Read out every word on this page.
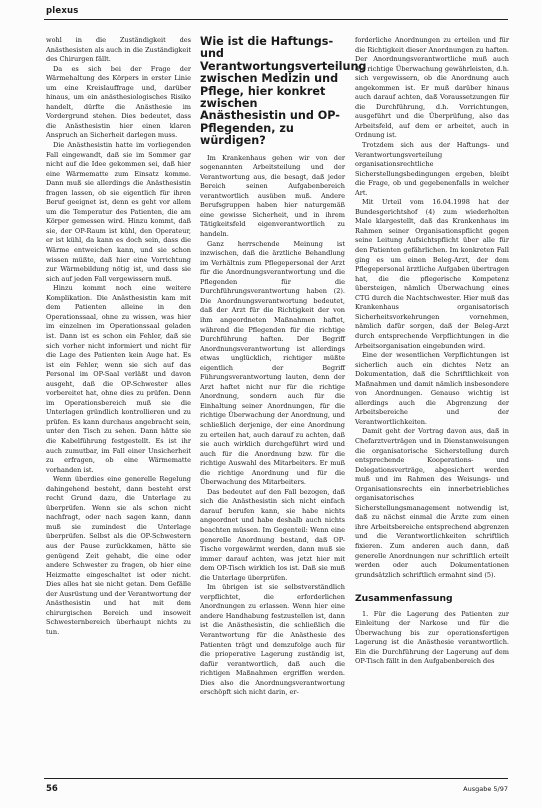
plexus

wohl in die Zuständigkeit des Anästhesisten als auch in die Zuständigkeit des Chirurgen fällt.

Da es sich bei der Frage der Wärmehaltung des Körpers in erster Linie um eine Kreislauffrage und, darüber hinaus, um ein anästhesiologisches Risiko handelt, dürfte die Anästhesie im Vordergrund stehen. Dies bedeutet, dass die Anästhesistin hier einen klaren Anspruch an Sicherheit darlegen muss.

Die Anästhesistin hatte im vorliegenden Fall eingewandt, daß sie im Sommer gar nicht auf die Idee gekommen sei, daß hier eine Wärmematte zum Einsatz komme. Dann muß sie allerdings die Anästhesistin fragen lassen, ob sie eigentlich für ihren Beruf geeignet ist, denn es geht vor allem um die Temperatur des Patienten, die am Körper gemessen wird. Hinzu kommt, daß sie, der OP-Raum ist kühl, den Operateur, er ist kühl, da kann es doch sein, dass die Wärme entweichen kann, und sie schon wissen müßte, daß hier eine Vorrichtung zur Wärmebildung nötig ist, und dass sie sich auf jeden Fall vergewissern muß.

Hinzu kommt noch eine weitere Komplikation. Die Anästhesistin kam mit dem Patienten alleine in den Operationssaal, ohne zu wissen, was hier im einzelnen im Operationssaal geladen ist. Dann ist es schon ein Fehler, daß sie sich vorher nicht informiert und nicht für die Lage des Patienten kein Auge hat. Es ist ein Fehler, wenn sie sich auf das Personal im OP-Saal verläßt und davon ausgeht, daß die OP-Schwester alles vorbereitet hat, ohne dies zu prüfen. Denn im Operationsbereich muß sie die Unterlagen gründlich kontrollieren und zu prüfen. Es kann durchaus angebracht sein, unter den Tisch zu sehen. Dann hätte sie die Kabelführung festgestellt. Es ist ihr auch zumutbar, im Fall einer Unsicherheit zu erfragen, ob eine Wärmematte vorhanden ist.

Wenn überdies eine generelle Regelung dahingehend besteht, dann besteht erst recht Grund dazu, die Unterlage zu überprüfen. Wenn sie als schon nicht nachfragt, oder nach sagen kann, dann muß sie zumindest die Unterlage überprüfen. Selbst als die OP-Schwestern aus der Pause zurückkamen, hätte sie genügend Zeit gehabt, die eine oder andere Schwester zu fragen, ob hier eine Heizmatte eingeschaltet ist oder nicht. Dies alles hat sie nicht getan. Dem Gefälle der Ausrüstung und der Verantwortung der Anästhesistin und hat mit dem chirurgischen Bereich und insoweit Schwesternbereich überhaupt nichts zu tun.

Wie ist die Haftungs- und Verantwortungsverteilung zwischen Medizin und Pflege, hier konkret zwischen Anästhesistin und OP-Pflegenden, zu würdigen?

Im Krankenhaus gehen wir von der sogenannten Arbeitsteilung und der Verantwortung aus, die besagt, daß jeder Bereich seinen Aufgabenbereich verantwortlich ausüben muß. Andere Berufsgruppen haben hier naturgemäß eine gewisse Sicherheit, und in ihrem Tätigkeitsfeld eigenverantwortlich zu handeln.

Ganz herrschende Meinung ist inzwischen, daß die ärztliche Behandlung im Verhältnis zum Pflegepersonal der Arzt für die Anordnungsverantwortung und die Pflegenden für die Durchführungsverantwortung haben (2). Die Anordnungsverantwortung bedeutet, daß der Arzt für die Richtigkeit der von ihm angeordneten Maßnahmen haftet, während die Pflegenden für die richtige Durchführung haften. Der Begriff Anordnungsverantwortung ist allerdings etwas unglücklich, richtiger müßte eigentlich der Begriff Führungsverantwortung lauten, denn der Arzt haftet nicht nur für die richtige Anordnung, sondern auch für die Einhaltung seiner Anordnungen, für die richtige Überwachung der Anordnung, und schließlich derjenige, der eine Anordnung zu erteilen hat, auch darauf zu achten, daß sie auch wirklich durchgeführt wird und auch für die Anordnung bzw. für die richtige Auswahl des Mitarbeiters. Er muß die richtige Anordnung und für die Überwachung des Mitarbeiters.

Das bedeutet auf den Fall bezogen, daß sich die Anästhesistin sich nicht einfach darauf berufen kann, sie habe nichts angeordnet und habe deshalb auch nichts beachten müssen. Im Gegenteil: Wenn eine generelle Anordnung bestand, daß OP-Tische vorgewärmt werden, dann muß sie immer darauf achten, was jetzt hier mit dem OP-Tisch wirklich los ist. Daß sie muß die Unterlage überprüfen.

Im übrigen ist sie selbstverständlich verpflichtet, die erforderlichen Anordnungen zu erlassen. Wenn hier eine andere Handhabung festzustellen ist, dann ist die Anästhesistin, die schließlich die Verantwortung für die Anästhesie des Patienten trägt und demzufolge auch für die prioperative Lagerung zuständig ist, dafür verantwortlich, daß auch die richtigen Maßnahmen ergriffen werden. Dies also die Anordnungsverantwortung erschöpft sich nicht darin, er-

forderliche Anordnungen zu erteilen und für die Richtigkeit dieser Anordnungen zu haften. Der Anordnungsverantwortliche muß auch die richtige Überwachung gewährleisten, d.h. sich vergewissern, ob die Anordnung auch angekommen ist. Er muß darüber hinaus auch darauf achten, daß Voraussetzungen für die Durchführung, d.h. Vorrichtungen, ausgeführt und die Überprüfung, also das Arbeitsfeld, auf dem er arbeitet, auch in Ordnung ist.

Trotzdem sich aus der Haftungs- und Verantwortungsverteilung organisationsrechtliche Sicherstellungsbedingungen ergeben, bleibt die Frage, ob und gegebenenfalls in welcher Art.

Mit Urteil vom 16.04.1998 hat der Bundesgerichtshof (4) zum wiederholten Male klargestellt, daß das Krankenhaus im Rahmen seiner Organisationspflicht gegen seine Leitung Aufsichtspflicht über alle für den Patienten gefährlichen. Im konkreten Fall ging es um einen Beleg-Arzt, der dem Pflegepersonal ärztliche Aufgaben übertragen hat, die die pflegerische Kompetenz übersteigen, nämlich Überwachung eines CTG durch die Nachtschwester. Hier muß das Krankenhaus organisatorisch Sicherheitsvorkehrungen vornehmen, nämlich dafür sorgen, daß der Beleg-Arzt durch entsprechende Verpflichtungen in die Arbeitsorganisation eingebunden wird.

Eine der wesentlichen Verpflichtungen ist sicherlich auch ein dichtes Netz an Dokumentation, daß die Schriftlichkeit von Maßnahmen und damit nämlich insbesondere von Anordnungen. Genauso wichtig ist allerdings auch die Abgrenzung der Arbeitsbereiche und der Verantwortlichkeiten.

Damit geht der Vortrag davon aus, daß in Chefarztverträgen und in Dienstanweisungen die organisatorische Sicherstellung durch entsprechende Kooperations- und Delegationsverträge, abgesichert werden muß und im Rahmen des Weisungs- und Organisationsrechts ein innerbetriebliches organisatorisches Sicherstellungsmanagement notwendig ist, daß zu nächst einmal die Ärzte zum einen ihre Arbeitsbereiche entsprechend abgrenzen und die Verantwortlichkeiten schriftlich fixieren. Zum anderen auch dann, daß generelle Anordnungen nur schriftlich erteilt werden oder auch Dokumentationen grundsätzlich schriftlich ermahnt sind (5).

Zusammenfassung

1. Für die Lagerung des Patienten zur Einleitung der Narkose und für die Überwachung bis zur operationsfertigen Lagerung ist die Anästhesie verantwortlich. Ein die Durchführung der Lagerung auf dem OP-Tisch fällt in den Aufgabenbereich des

56	Ausgabe 5/97
